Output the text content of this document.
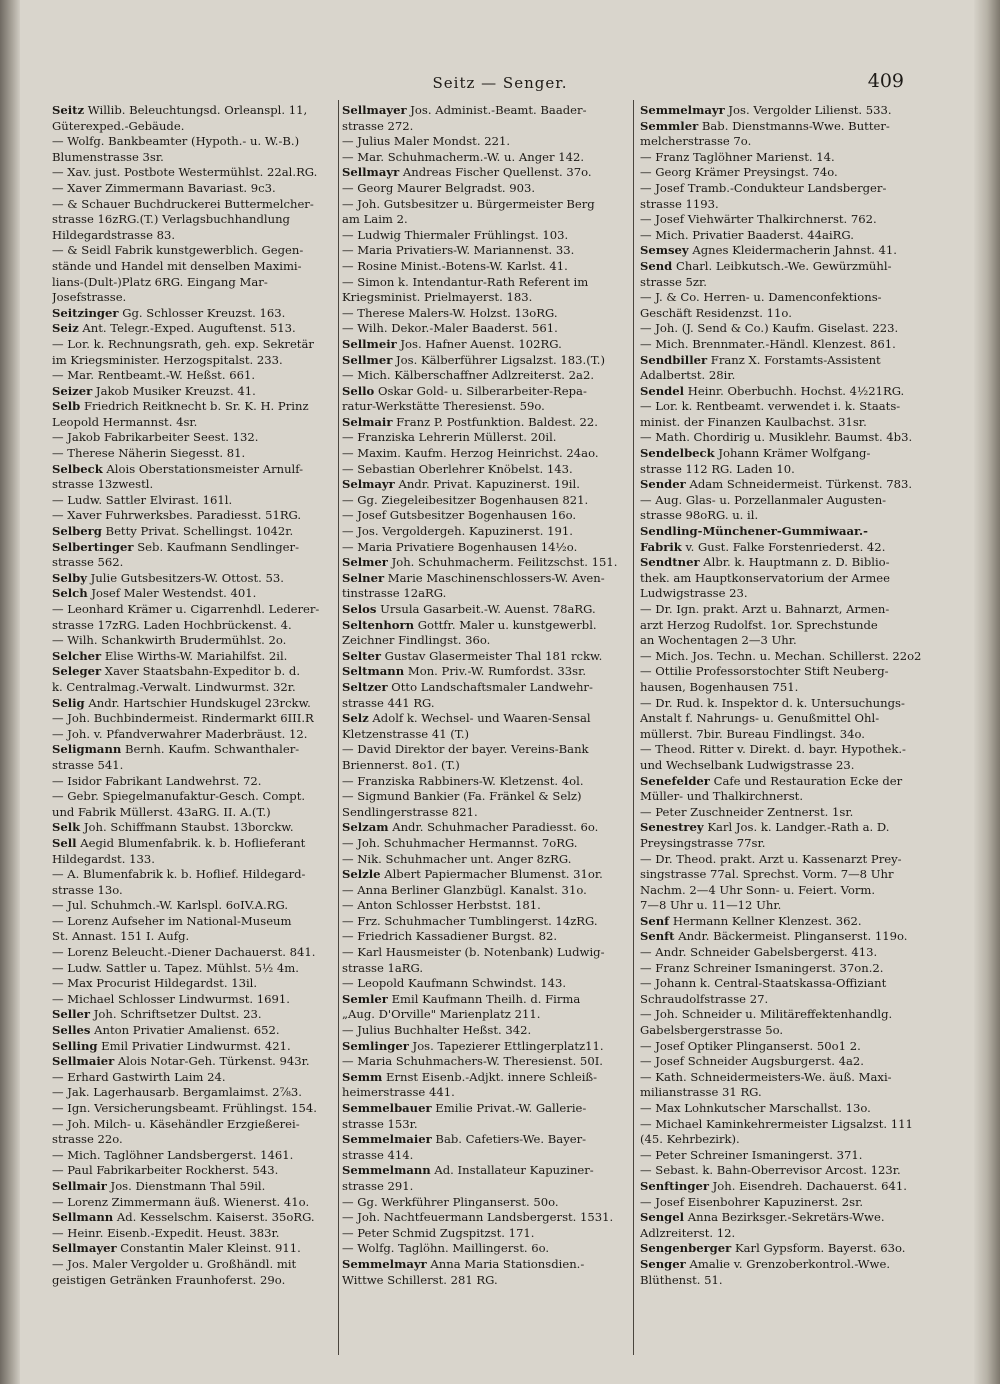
Seitz — Senger.	409
Seitz Willib. Beleuchtungsd. Orleanspl. 11,
Güterexped.-Gebäude.
— Wolfg. Bankbeamter (Hypoth.- u. W.-B.)
Blumenstrasse 3sr.
— Xav. just. Postbote Westermühlst. 22al.RG.
— Xaver Zimmermann Bavariast. 9c3.
— & Schauer Buchdruckerei Buttermelcher-
strasse 16zRG.(T.) Verlagsbuchhandlung
Hildegardstrasse 83.
— & Seidl Fabrik kunstgewerblich. Gegen-
stände und Handel mit denselben Maximi-
lians-(Dult-)Platz 6RG. Eingang Mar-
Josefstrasse.
Seitzinger Gg. Schlosser Kreuzst. 163.
Seiz Ant. Telegr.-Exped. Auguftenst. 513.
— Lor. k. Rechnungsrath, geh. exp. Sekretär
im Kriegsminister. Herzogspitalst. 233.
— Mar. Rentbeamt.-W. Heßst. 661.
Seizer Jakob Musiker Kreuzst. 41.
Selb Friedrich Reitknecht b. Sr. K. H. Prinz
Leopold Hermannst. 4sr.
— Jakob Fabrikarbeiter Seest. 132.
— Therese Näherin Siegesst. 81.
Selbeck Alois Oberstationsmeister Arnulf-
strasse 13zwestl.
— Ludw. Sattler Elvirast. 161l.
— Xaver Fuhrwerksbes. Paradiesst. 51RG.
Selberg Betty Privat. Schellingst. 1042r.
Selbertinger Seb. Kaufmann Sendlinger-
strasse 562.
Selby Julie Gutsbesitzers-W. Ottost. 53.
Selch Josef Maler Westendst. 401.
— Leonhard Krämer u. Cigarrenhdl. Lederer-
strasse 17zRG. Laden Hochbrückenst. 4.
— Wilh. Schankwirth Brudermühlst. 2o.
Selcher Elise Wirths-W. Mariahilfst. 2il.
Seleger Xaver Staatsbahn-Expeditor b. d.
k. Centralmag.-Verwalt. Lindwurmst. 32r.
Selig Andr. Hartschier Hundskugel 23rckw.
— Joh. Buchbindermeist. Rindermarkt 6III.R
— Joh. v. Pfandverwahrer Maderbräust. 12.
Seligmann Bernh. Kaufm. Schwanthaler-
strasse 541.
— Isidor Fabrikant Landwehrst. 72.
— Gebr. Spiegelmanufaktur-Gesch. Compt.
und Fabrik Müllerst. 43aRG. II. A.(T.)
Selk Joh. Schiffmann Staubst. 13borckw.
Sell Aegid Blumenfabrik. k. b. Hoflieferant
Hildegardst. 133.
— A. Blumenfabrik k. b. Hoflief. Hildegard-
strasse 13o.
— Jul. Schuhmch.-W. Karlspl. 6oIV.A.RG.
— Lorenz Aufseher im National-Museum
St. Annast. 151 I. Aufg.
— Lorenz Beleucht.-Diener Dachauerst. 841.
— Ludw. Sattler u. Tapez. Mühlst. 5½ 4m.
— Max Procurist Hildegardst. 13il.
— Michael Schlosser Lindwurmst. 1691.
Seller Joh. Schriftsetzer Dultst. 23.
Selles Anton Privatier Amalienst. 652.
Selling Emil Privatier Lindwurmst. 421.
Sellmaier Alois Notar-Geh. Türkenst. 943r.
— Erhard Gastwirth Laim 24.
— Jak. Lagerhausarb. Bergamlaimst. 2⅞3.
— Ign. Versicherungsbeamt. Frühlingst. 154.
— Joh. Milch- u. Käsehändler Erzgießerei-
strasse 22o.
— Mich. Taglöhner Landsbergerst. 1461.
— Paul Fabrikarbeiter Rockherst. 543.
Sellmair Jos. Dienstmann Thal 59il.
— Lorenz Zimmermann äuß. Wienerst. 41o.
Sellmann Ad. Kesselschm. Kaiserst. 35oRG.
— Heinr. Eisenb.-Expedit. Heust. 383r.
Sellmayer Constantin Maler Kleinst. 911.
— Jos. Maler Vergolder u. Großhändl. mit
geistigen Getränken Fraunhoferst. 29o.
Sellmayer Jos. Administ.-Beamt. Baader-
strasse 272.
— Julius Maler Mondst. 221.
— Mar. Schuhmacherm.-W. u. Anger 142.
Sellmayr Andreas Fischer Quellenst. 37o.
— Georg Maurer Belgradst. 903.
— Joh. Gutsbesitzer u. Bürgermeister Berg
am Laim 2.
— Ludwig Thiermaler Frühlingst. 103.
— Maria Privatiers-W. Mariannenst. 33.
— Rosine Minist.-Botens-W. Karlst. 41.
— Simon k. Intendantur-Rath Referent im
Kriegsminist. Prielmayerst. 183.
— Therese Malers-W. Holzst. 13oRG.
— Wilh. Dekor.-Maler Baaderst. 561.
Sellmeir Jos. Hafner Auenst. 102RG.
Sellmer Jos. Kälberführer Ligsalzst. 183.(T.)
— Mich. Kälberschaffner Adlzreiterst. 2a2.
Sello Oskar Gold- u. Silberarbeiter-Repa-
ratur-Werkstätte Theresienst. 59o.
Selmair Franz P. Postfunktion. Baldest. 22.
— Franziska Lehrerin Müllerst. 20il.
— Maxim. Kaufm. Herzog Heinrichst. 24ao.
— Sebastian Oberlehrer Knöbelst. 143.
Selmayr Andr. Privat. Kapuzinerst. 19il.
— Gg. Ziegeleibesitzer Bogenhausen 821.
— Josef Gutsbesitzer Bogenhausen 16o.
— Jos. Vergoldergeh. Kapuzinerst. 191.
— Maria Privatiere Bogenhausen 14½o.
Selmer Joh. Schuhmacherm. Feilitzschst. 151.
Selner Marie Maschinenschlossers-W. Aven-
tinstrasse 12aRG.
Selos Ursula Gasarbeit.-W. Auenst. 78aRG.
Seltenhorn Gottfr. Maler u. kunstgewerbl.
Zeichner Findlingst. 36o.
Selter Gustav Glasermeister Thal 181 rckw.
Seltmann Mon. Priv.-W. Rumfordst. 33sr.
Seltzer Otto Landschaftsmaler Landwehr-
strasse 441 RG.
Selz Adolf k. Wechsel- und Waaren-Sensal
Kletzenstrasse 41 (T.)
— David Direktor der bayer. Vereins-Bank
Briennerst. 8o1. (T.)
— Franziska Rabbiners-W. Kletzenst. 4ol.
— Sigmund Bankier (Fa. Fränkel & Selz)
Sendlingerstrasse 821.
Selzam Andr. Schuhmacher Paradiesst. 6o.
— Joh. Schuhmacher Hermannst. 7oRG.
— Nik. Schuhmacher unt. Anger 8zRG.
Selzle Albert Papiermacher Blumenst. 31or.
— Anna Berliner Glanzbügl. Kanalst. 31o.
— Anton Schlosser Herbstst. 181.
— Frz. Schuhmacher Tumblingerst. 14zRG.
— Friedrich Kassadiener Burgst. 82.
— Karl Hausmeister (b. Notenbank) Ludwig-
strasse 1aRG.
— Leopold Kaufmann Schwindst. 143.
Semler Emil Kaufmann Theilh. d. Firma
„Aug. D'Orville" Marienplatz 211.
— Julius Buchhalter Heßst. 342.
Semlinger Jos. Tapezierer Ettlingerplatz11.
— Maria Schuhmachers-W. Theresienst. 50I.
Semm Ernst Eisenb.-Adjkt. innere Schleiß-
heimerstrasse 441.
Semmelbauer Emilie Privat.-W. Gallerie-
strasse 153r.
Semmelmaier Bab. Cafetiers-We. Bayer-
strasse 414.
Semmelmann Ad. Installateur Kapuziner-
strasse 291.
— Gg. Werkführer Plinganserst. 50o.
— Joh. Nachtfeuermann Landsbergerst. 1531.
— Peter Schmid Zugspitzst. 171.
— Wolfg. Taglöhn. Maillingerst. 6o.
Semmelmayr Anna Maria Stationsdien.-
Wittwe Schillerst. 281 RG.
Semmelmayr Jos. Vergolder Lilienst. 533.
Semmler Bab. Dienstmanns-Wwe. Butter-
melcherstrasse 7o.
— Franz Taglöhner Marienst. 14.
— Georg Krämer Preysingst. 74o.
— Josef Tramb.-Condukteur Landsberger-
strasse 1193.
— Josef Viehwärter Thalkirchnerst. 762.
— Mich. Privatier Baaderst. 44aiRG.
Semsey Agnes Kleidermacherin Jahnst. 41.
Send Charl. Leibkutsch.-We. Gewürzmühl-
strasse 5zr.
— J. & Co. Herren- u. Damenconfektions-
Geschäft Residenzst. 11o.
— Joh. (J. Send & Co.) Kaufm. Giselast. 223.
— Mich. Brennmater.-Händl. Klenzest. 861.
Sendbiller Franz X. Forstamts-Assistent
Adalbertst. 28ir.
Sendel Heinr. Oberbuchh. Hochst. 4½21RG.
— Lor. k. Rentbeamt. verwendet i. k. Staats-
minist. der Finanzen Kaulbachst. 31sr.
— Math. Chordirig u. Musiklehr. Baumst. 4b3.
Sendelbeck Johann Krämer Wolfgang-
strasse 112 RG. Laden 10.
Sender Adam Schneidermeist. Türkenst. 783.
— Aug. Glas- u. Porzellanmaler Augusten-
strasse 98oRG. u. il.
Sendling-Münchener-Gummiwaar.-
Fabrik v. Gust. Falke Forstenriederst. 42.
Sendtner Albr. k. Hauptmann z. D. Biblio-
thek. am Hauptkonservatorium der Armee
Ludwigstrasse 23.
— Dr. Ign. prakt. Arzt u. Bahnarzt, Armen-
arzt Herzog Rudolfst. 1or. Sprechstunde
an Wochentagen 2—3 Uhr.
— Mich. Jos. Techn. u. Mechan. Schillerst. 22o2
— Ottilie Professorstochter Stift Neuberg-
hausen, Bogenhausen 751.
— Dr. Rud. k. Inspektor d. k. Untersuchungs-
Anstalt f. Nahrungs- u. Genußmittel Ohl-
müllerst. 7bir. Bureau Findlingst. 34o.
— Theod. Ritter v. Direkt. d. bayr. Hypothek.-
und Wechselbank Ludwigstrasse 23.
Senefelder Cafe und Restauration Ecke der
Müller- und Thalkirchnerst.
— Peter Zuschneider Zentnerst. 1sr.
Senestrey Karl Jos. k. Landger.-Rath a. D.
Preysingstrasse 77sr.
— Dr. Theod. prakt. Arzt u. Kassenarzt Prey-
singstrasse 77al. Sprechst. Vorm. 7—8 Uhr
Nachm. 2—4 Uhr Sonn- u. Feiert. Vorm.
7—8 Uhr u. 11—12 Uhr.
Senf Hermann Kellner Klenzest. 362.
Senft Andr. Bäckermeist. Plinganserst. 119o.
— Andr. Schneider Gabelsbergerst. 413.
— Franz Schreiner Ismaningerst. 37on.2.
— Johann k. Central-Staatskassa-Offiziant
Schraudolfstrasse 27.
— Joh. Schneider u. Militäreffektenhandlg.
Gabelsbergerstrasse 5o.
— Josef Optiker Plinganserst. 50o1 2.
— Josef Schneider Augsburgerst. 4a2.
— Kath. Schneidermeisters-We. äuß. Maxi-
milianstrasse 31 RG.
— Max Lohnkutscher Marschallst. 13o.
— Michael Kaminkehrermeister Ligsalzst. 111
(45. Kehrbezirk).
— Peter Schreiner Ismaningerst. 371.
— Sebast. k. Bahn-Oberrevisor Arcost. 123r.
Senftinger Joh. Eisendreh. Dachauerst. 641.
— Josef Eisenbohrer Kapuzinerst. 2sr.
Sengel Anna Bezirksger.-Sekretärs-Wwe.
Adlzreiterst. 12.
Sengenberger Karl Gypsform. Bayerst. 63o.
Senger Amalie v. Grenzoberkontrol.-Wwe.
Blüthenst. 51.
